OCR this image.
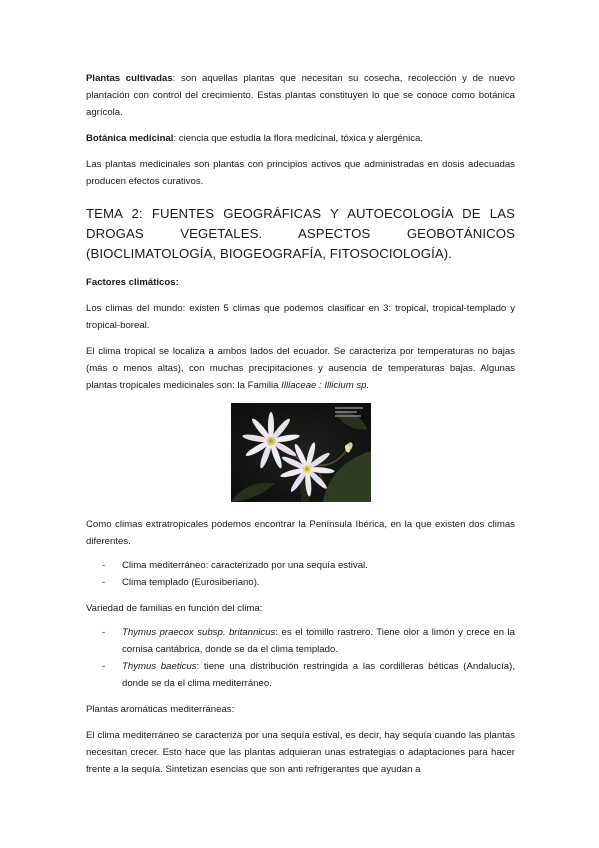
Plantas cultivadas: son aquellas plantas que necesitan su cosecha, recolección y de nuevo plantación con control del crecimiento. Estas plantas constituyen lo que se conoce como botánica agrícola.

Botánica medicinal: ciencia que estudia la flora medicinal, tóxica y alergénica.

Las plantas medicinales son plantas con principios activos que administradas en dosis adecuadas producen efectos curativos.

TEMA 2: FUENTES GEOGRÁFICAS Y AUTOECOLOGÍA DE LAS DROGAS VEGETALES. ASPECTOS GEOBOTÁNICOS (BIOCLIMATOLOGÍA, BIOGEOGRAFÍA, FITOSOCIOLOGÍA).

Factores climáticos:

Los climas del mundo: existen 5 climas que podemos clasificar en 3: tropical, tropical-templado y tropical-boreal.

El clima tropical se localiza a ambos lados del ecuador. Se caracteriza por temperaturas no bajas (más o menos altas), con muchas precipitaciones y ausencia de temperaturas bajas. Algunas plantas tropicales medicinales son: la Familia Illiaceae : Illicium sp.

Como climas extratropicales podemos encontrar la Península Ibérica, en la que existen dos climas diferentes.

- Clima mediterráneo: caracterizado por una sequía estival.
- Clima templado (Eurosiberiano).

Variedad de familias en función del clima:

- Thymus praecox subsp. britannicus: es el tomillo rastrero. Tiene olor a limón y crece en la cornisa cantábrica, donde se da el clima templado.
- Thymus baeticus: tiene una distribución restringida a las cordilleras béticas (Andalucía), donde se da el clima mediterráneo.

Plantas aromáticas mediterráneas:

El clima mediterráneo se caracteriza por una sequía estival, es decir, hay sequía cuando las plantas necesitan crecer. Esto hace que las plantas adquieran unas estrategias o adaptaciones para hacer frente a la sequía. Sintetizan esencias que son anti refrigerantes que ayudan a
